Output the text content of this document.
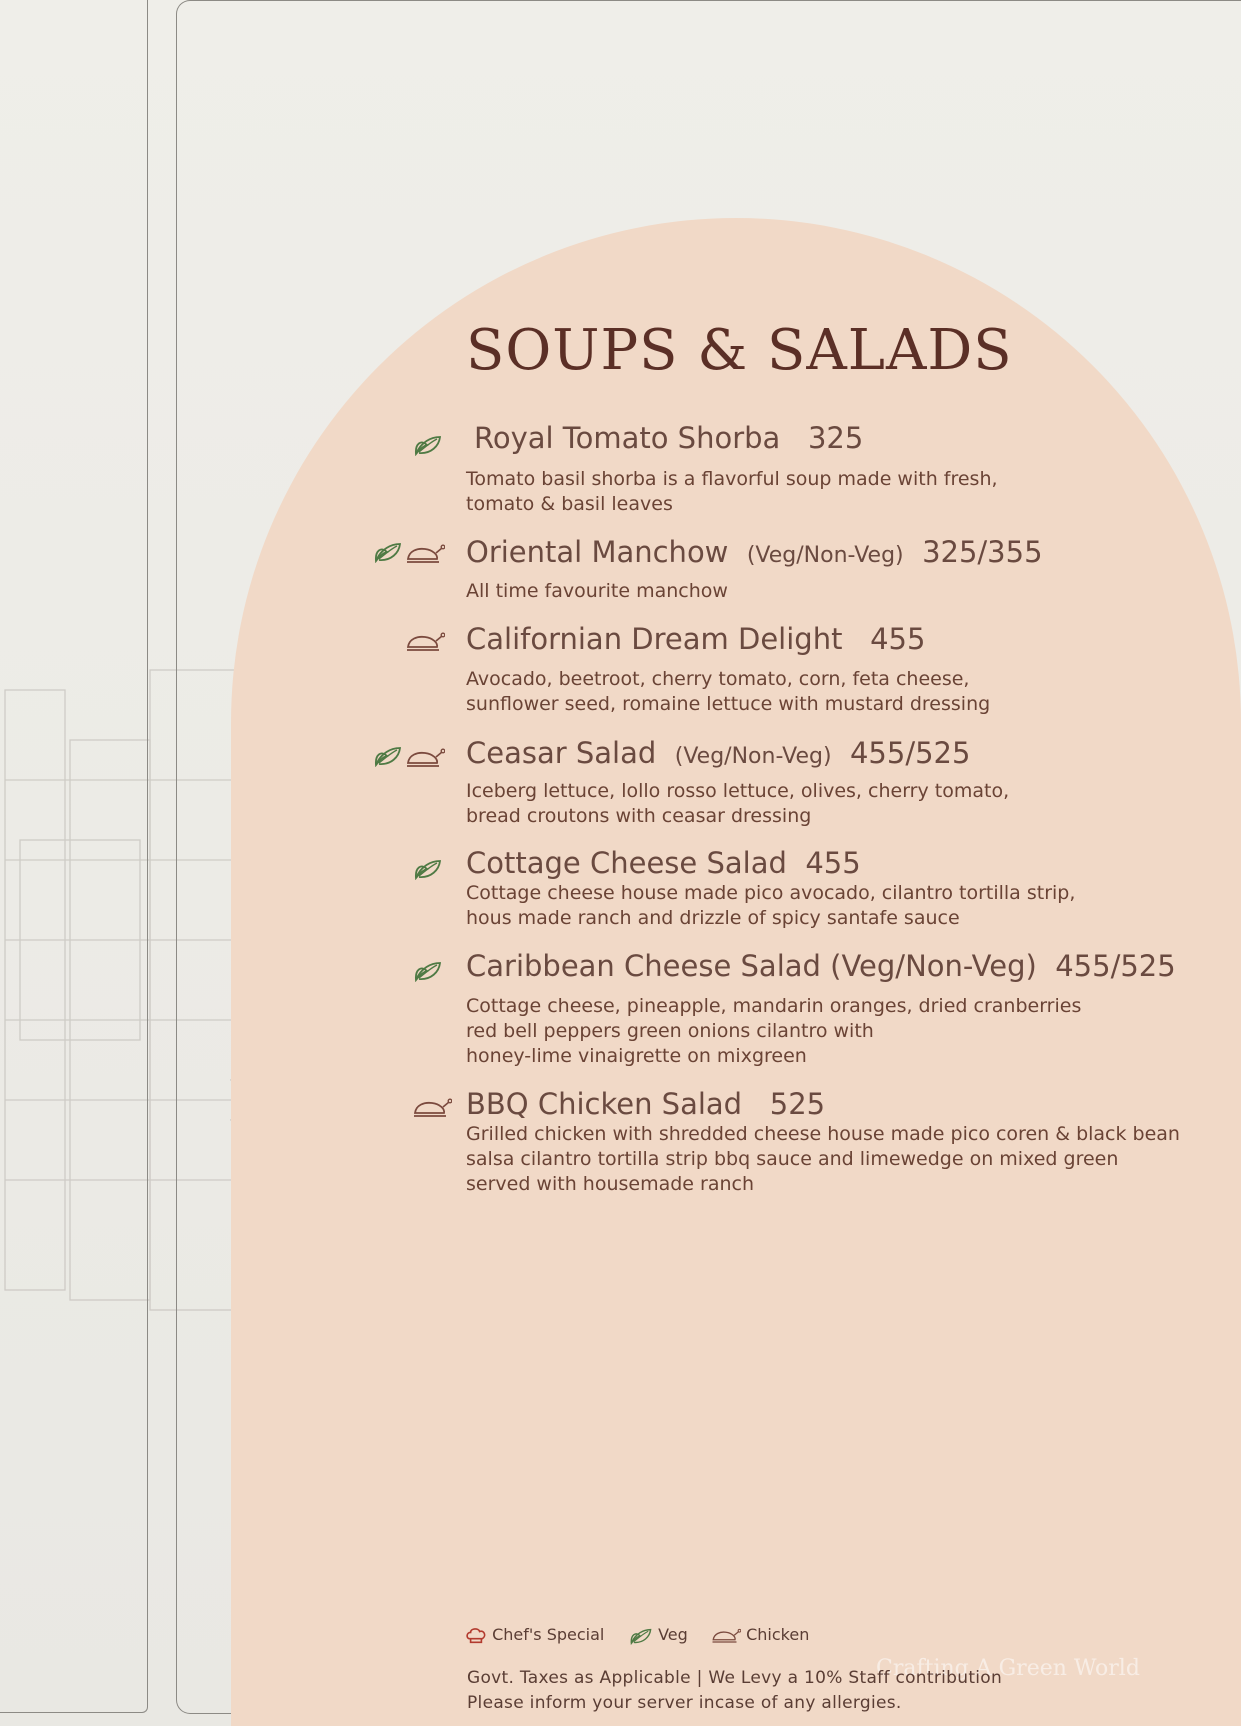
SOUPS & SALADS
Royal Tomato Shorba 325
Tomato basil shorba is a flavorful soup made with fresh,
tomato & basil leaves
Oriental Manchow (Veg/Non-Veg) 325/355
All time favourite manchow
Californian Dream Delight 455
Avocado, beetroot, cherry tomato, corn, feta cheese,
sunflower seed, romaine lettuce with mustard dressing
Ceasar Salad (Veg/Non-Veg) 455/525
Iceberg lettuce, lollo rosso lettuce, olives, cherry tomato,
bread croutons with ceasar dressing
Cottage Cheese Salad 455
Cottage cheese house made pico avocado, cilantro tortilla strip,
hous made ranch and drizzle of spicy santafe sauce
Caribbean Cheese Salad (Veg/Non-Veg) 455/525
Cottage cheese, pineapple, mandarin oranges, dried cranberries
red bell peppers green onions cilantro with
honey-lime vinaigrette on mixgreen
BBQ Chicken Salad 525
Grilled chicken with shredded cheese house made pico coren & black bean
salsa cilantro tortilla strip bbq sauce and limewedge on mixed green
served with housemade ranch
Chef's Special	Veg	Chicken
Crafting A Green World
Govt. Taxes as Applicable | We Levy a 10% Staff contribution
Please inform your server incase of any allergies.
